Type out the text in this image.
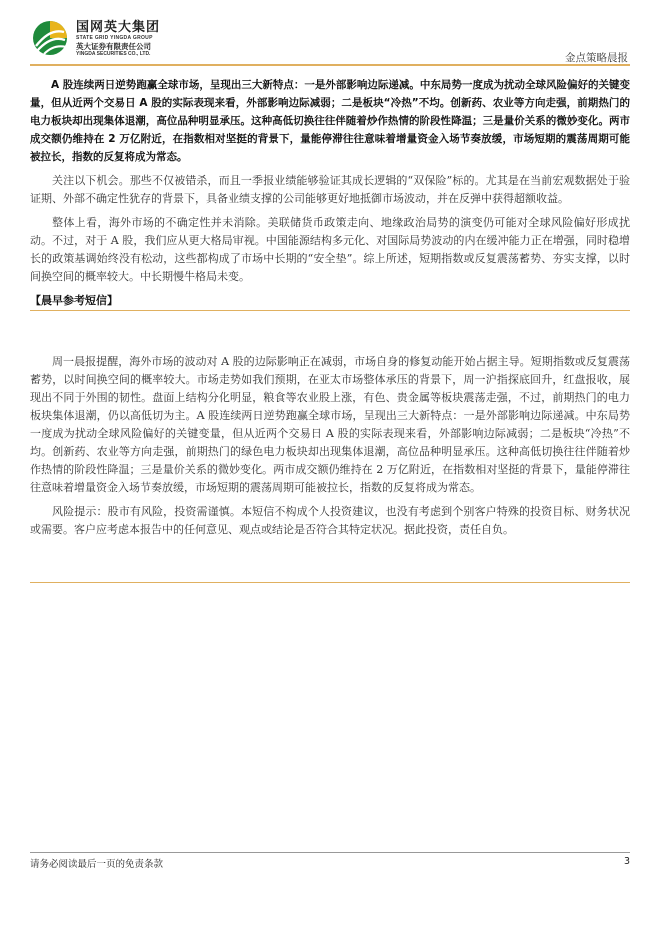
国网英大集团
STATE GRID YINGDA GROUP
英大证券有限责任公司
YINGDA SECURITIES CO., LTD.	金点策略晨报

A 股连续两日逆势跑赢全球市场，呈现出三大新特点：一是外部影响边际递减。中东局势一度成为扰动全球风险偏好的关键变量，但从近两个交易日 A 股的实际表现来看，外部影响边际减弱；二是板块“冷热”不均。创新药、农业等方向走强，前期热门的电力板块却出现集体退潮，高位品种明显承压。这种高低切换往往伴随着炒作热情的阶段性降温；三是量价关系的微妙变化。两市成交额仍维持在 2 万亿附近，在指数相对坚挺的背景下，量能停滞往往意味着增量资金入场节奏放缓，市场短期的震荡周期可能被拉长，指数的反复将成为常态。

关注以下机会。那些不仅被错杀，而且一季报业绩能够验证其成长逻辑的“双保险”标的。尤其是在当前宏观数据处于验证期、外部不确定性犹存的背景下，具备业绩支撑的公司能够更好地抵御市场波动，并在反弹中获得超额收益。

整体上看，海外市场的不确定性并未消除。美联储货币政策走向、地缘政治局势的演变仍可能对全球风险偏好形成扰动。不过，对于 A 股，我们应从更大格局审视。中国能源结构多元化、对国际局势波动的内在缓冲能力正在增强，同时稳增长的政策基调始终没有松动，这些都构成了市场中长期的“安全垫”。综上所述，短期指数或反复震荡蓄势、夯实支撑，以时间换空间的概率较大。中长期慢牛格局未变。

【晨早参考短信】

周一晨报提醒，海外市场的波动对 A 股的边际影响正在减弱，市场自身的修复动能开始占据主导。短期指数或反复震荡蓄势，以时间换空间的概率较大。市场走势如我们预期，在亚太市场整体承压的背景下，周一沪指探底回升，红盘报收，展现出不同于外围的韧性。盘面上结构分化明显，粮食等农业股上涨，有色、贵金属等板块震荡走强，不过，前期热门的电力板块集体退潮，仍以高低切为主。A 股连续两日逆势跑赢全球市场，呈现出三大新特点：一是外部影响边际递减。中东局势一度成为扰动全球风险偏好的关键变量，但从近两个交易日 A 股的实际表现来看，外部影响边际减弱；二是板块“冷热”不均。创新药、农业等方向走强，前期热门的绿色电力板块却出现集体退潮，高位品种明显承压。这种高低切换往往伴随着炒作热情的阶段性降温；三是量价关系的微妙变化。两市成交额仍维持在 2 万亿附近，在指数相对坚挺的背景下，量能停滞往往意味着增量资金入场节奏放缓，市场短期的震荡周期可能被拉长，指数的反复将成为常态。

风险提示：股市有风险，投资需谨慎。本短信不构成个人投资建议，也没有考虑到个别客户特殊的投资目标、财务状况或需要。客户应考虑本报告中的任何意见、观点或结论是否符合其特定状况。据此投资，责任自负。

请务必阅读最后一页的免责条款	3
